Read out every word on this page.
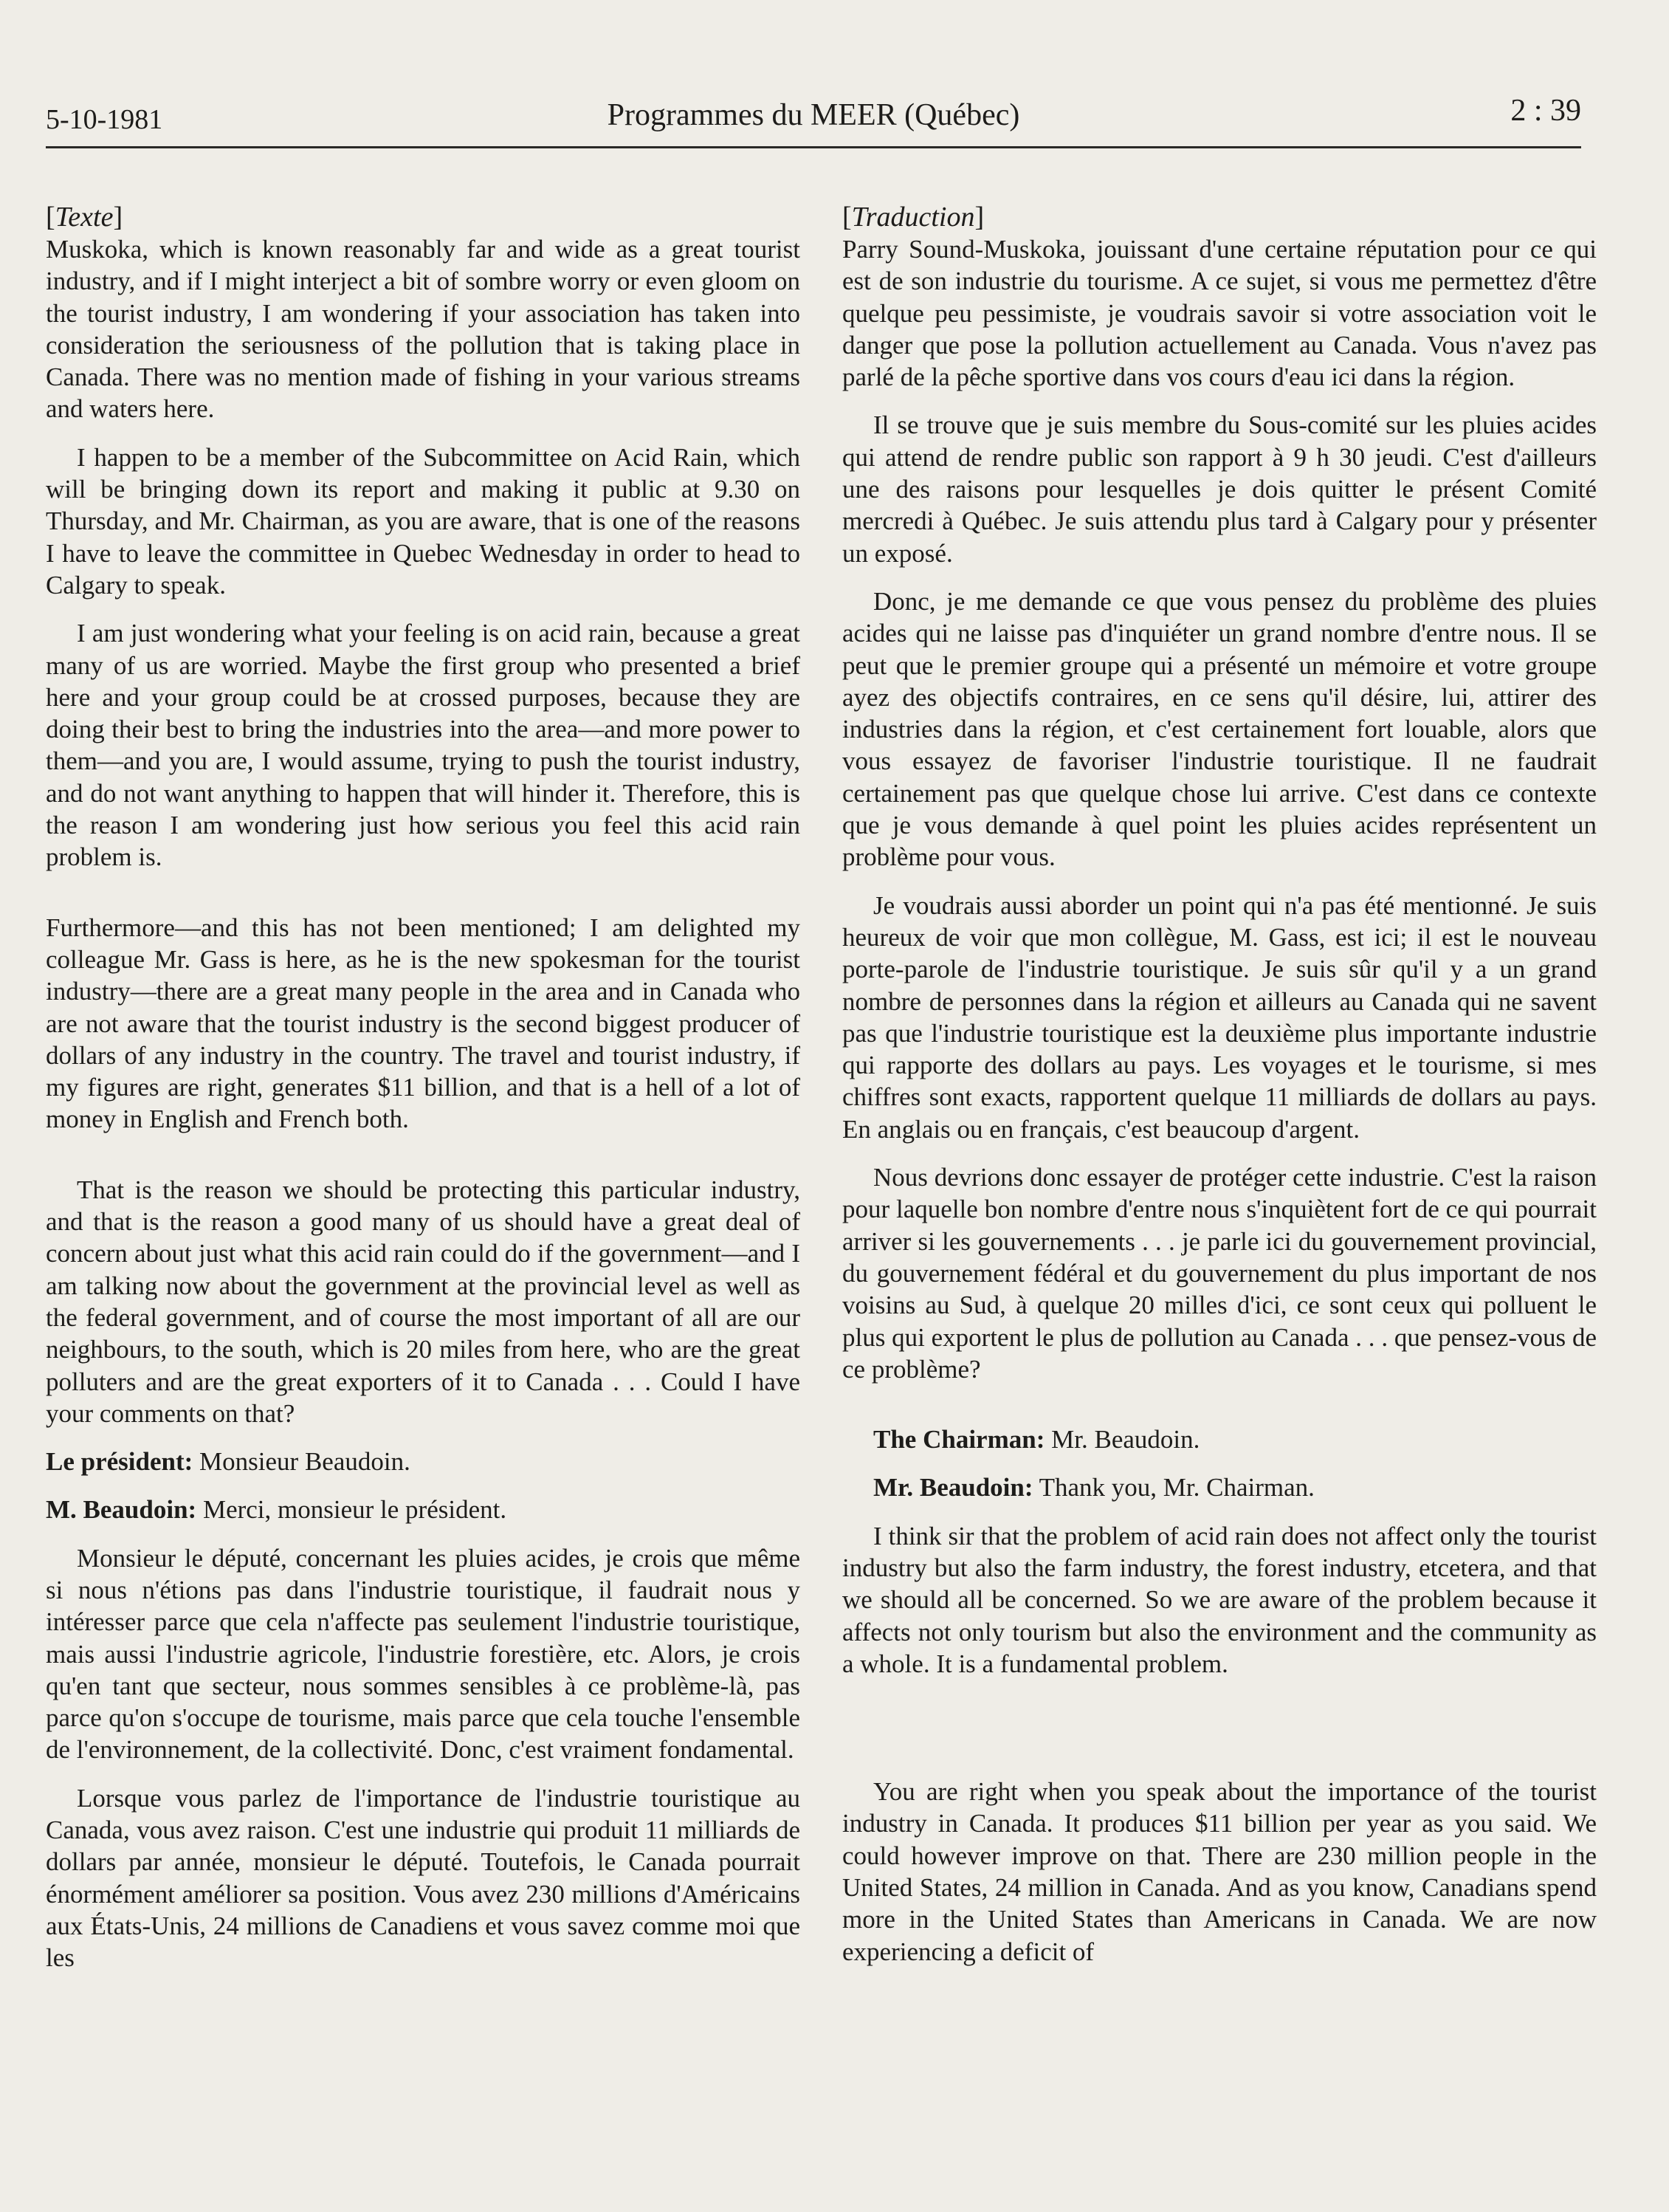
5-10-1981	Programmes du MEER (Québec)	2 : 39

[Texte]

Muskoka, which is known reasonably far and wide as a great tourist industry, and if I might interject a bit of sombre worry or even gloom on the tourist industry, I am wondering if your association has taken into consideration the seriousness of the pollution that is taking place in Canada. There was no mention made of fishing in your various streams and waters here.

I happen to be a member of the Subcommittee on Acid Rain, which will be bringing down its report and making it public at 9.30 on Thursday, and Mr. Chairman, as you are aware, that is one of the reasons I have to leave the committee in Quebec Wednesday in order to head to Calgary to speak.

I am just wondering what your feeling is on acid rain, because a great many of us are worried. Maybe the first group who presented a brief here and your group could be at crossed purposes, because they are doing their best to bring the industries into the area—and more power to them—and you are, I would assume, trying to push the tourist industry, and do not want anything to happen that will hinder it. Therefore, this is the reason I am wondering just how serious you feel this acid rain problem is.

Furthermore—and this has not been mentioned; I am delighted my colleague Mr. Gass is here, as he is the new spokesman for the tourist industry—there are a great many people in the area and in Canada who are not aware that the tourist industry is the second biggest producer of dollars of any industry in the country. The travel and tourist industry, if my figures are right, generates $11 billion, and that is a hell of a lot of money in English and French both.

That is the reason we should be protecting this particular industry, and that is the reason a good many of us should have a great deal of concern about just what this acid rain could do if the government—and I am talking now about the government at the provincial level as well as the federal government, and of course the most important of all are our neighbours, to the south, which is 20 miles from here, who are the great polluters and are the great exporters of it to Canada . . . Could I have your comments on that?

Le président: Monsieur Beaudoin.

M. Beaudoin: Merci, monsieur le président.

Monsieur le député, concernant les pluies acides, je crois que même si nous n'étions pas dans l'industrie touristique, il faudrait nous y intéresser parce que cela n'affecte pas seulement l'industrie touristique, mais aussi l'industrie agricole, l'industrie forestière, etc. Alors, je crois qu'en tant que secteur, nous sommes sensibles à ce problème-là, pas parce qu'on s'occupe de tourisme, mais parce que cela touche l'ensemble de l'environnement, de la collectivité. Donc, c'est vraiment fondamental.

Lorsque vous parlez de l'importance de l'industrie touristique au Canada, vous avez raison. C'est une industrie qui produit 11 milliards de dollars par année, monsieur le député. Toutefois, le Canada pourrait énormément améliorer sa position. Vous avez 230 millions d'Américains aux États-Unis, 24 millions de Canadiens et vous savez comme moi que les

[Traduction]

Parry Sound-Muskoka, jouissant d'une certaine réputation pour ce qui est de son industrie du tourisme. A ce sujet, si vous me permettez d'être quelque peu pessimiste, je voudrais savoir si votre association voit le danger que pose la pollution actuellement au Canada. Vous n'avez pas parlé de la pêche sportive dans vos cours d'eau ici dans la région.

Il se trouve que je suis membre du Sous-comité sur les pluies acides qui attend de rendre public son rapport à 9 h 30 jeudi. C'est d'ailleurs une des raisons pour lesquelles je dois quitter le présent Comité mercredi à Québec. Je suis attendu plus tard à Calgary pour y présenter un exposé.

Donc, je me demande ce que vous pensez du problème des pluies acides qui ne laisse pas d'inquiéter un grand nombre d'entre nous. Il se peut que le premier groupe qui a présenté un mémoire et votre groupe ayez des objectifs contraires, en ce sens qu'il désire, lui, attirer des industries dans la région, et c'est certainement fort louable, alors que vous essayez de favoriser l'industrie touristique. Il ne faudrait certainement pas que quelque chose lui arrive. C'est dans ce contexte que je vous demande à quel point les pluies acides représentent un problème pour vous.

Je voudrais aussi aborder un point qui n'a pas été mentionné. Je suis heureux de voir que mon collègue, M. Gass, est ici; il est le nouveau porte-parole de l'industrie touristique. Je suis sûr qu'il y a un grand nombre de personnes dans la région et ailleurs au Canada qui ne savent pas que l'industrie touristique est la deuxième plus importante industrie qui rapporte des dollars au pays. Les voyages et le tourisme, si mes chiffres sont exacts, rapportent quelque 11 milliards de dollars au pays. En anglais ou en français, c'est beaucoup d'argent.

Nous devrions donc essayer de protéger cette industrie. C'est la raison pour laquelle bon nombre d'entre nous s'inquiètent fort de ce qui pourrait arriver si les gouvernements . . . je parle ici du gouvernement provincial, du gouvernement fédéral et du gouvernement du plus important de nos voisins au Sud, à quelque 20 milles d'ici, ce sont ceux qui polluent le plus qui exportent le plus de pollution au Canada . . . que pensez-vous de ce problème?

The Chairman: Mr. Beaudoin.

Mr. Beaudoin: Thank you, Mr. Chairman.

I think sir that the problem of acid rain does not affect only the tourist industry but also the farm industry, the forest industry, etcetera, and that we should all be concerned. So we are aware of the problem because it affects not only tourism but also the environment and the community as a whole. It is a fundamental problem.

You are right when you speak about the importance of the tourist industry in Canada. It produces $11 billion per year as you said. We could however improve on that. There are 230 million people in the United States, 24 million in Canada. And as you know, Canadians spend more in the United States than Americans in Canada. We are now experiencing a deficit of
